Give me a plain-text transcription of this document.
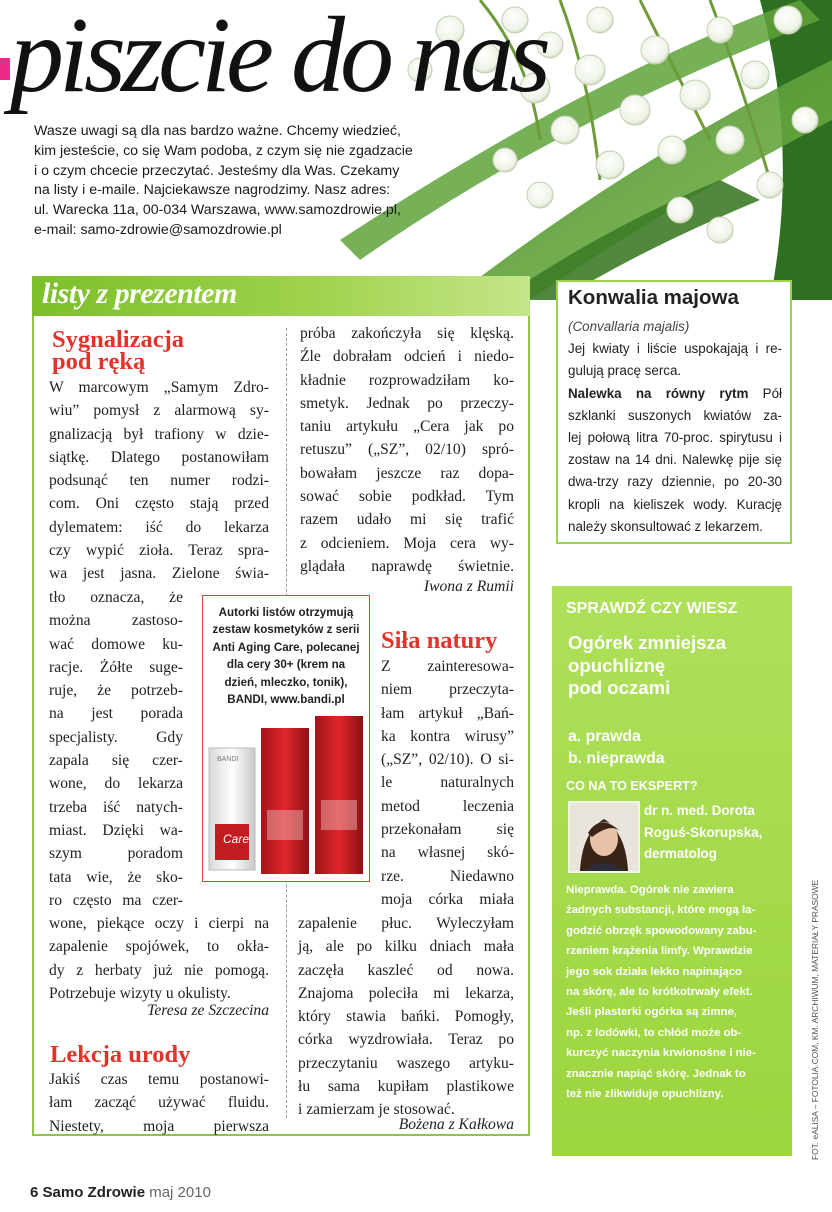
piszcie do nas

Wasze uwagi są dla nas bardzo ważne. Chcemy wiedzieć,

kim jesteście, co się Wam podoba, z czym się nie zgadzacie

i o czym chcecie przeczytać. Jesteśmy dla Was. Czekamy

na listy i e-maile. Najciekawsze nagrodzimy. Nasz adres:

ul. Warecka 11a, 00-034 Warszawa, www.samozdrowie.pl,

e-mail: samo-zdrowie@samozdrowie.pl

listy z prezentem

Sygnalizacja

pod ręką

W marcowym „Samym Zdro-

wiu” pomysł z alarmową sy-

gnalizacją był trafiony w dzie-

siątkę. Dlatego postanowiłam

podsunąć ten numer rodzi-

com. Oni często stają przed

dylematem: iść do lekarza

czy wypić zioła. Teraz spra-

wa jest jasna. Zielone świa-

tło oznacza, że

można zastoso-

wać domowe ku-

racje. Żółte suge-

ruje, że potrzeb-

na jest porada

specjalisty. Gdy

zapala się czer-

wone, do lekarza

trzeba iść natych-

miast. Dzięki wa-

szym poradom

tata wie, że sko-

ro często ma czer-

wone, piekące oczy i cierpi na

zapalenie spojówek, to okła-

dy z herbaty już nie pomogą.

Potrzebuje wizyty u okulisty.

Teresa ze Szczecina

Lekcja urody

Jakiś czas temu postanowi-

łam zacząć używać fluidu.

Niestety, moja pierwsza

próba zakończyła się klęską.

Źle dobrałam odcień i niedo-

kładnie rozprowadziłam ko-

smetyk. Jednak po przeczy-

taniu artykułu „Cera jak po

retuszu” („SZ”, 02/10) spró-

bowałam jeszcze raz dopa-

sować sobie podkład. Tym

razem udało mi się trafić

z odcieniem. Moja cera wy-

glądała naprawdę świetnie.

Iwona z Rumii

Autorki listów otrzymują
zestaw kosmetyków z serii
Anti Aging Care, polecanej
dla cery 30+ (krem na
dzień, mleczko, tonik),
BANDI, www.bandi.pl

BANDI
Care

Siła natury

Z zainteresowa-

niem przeczyta-

łam artykuł „Bań-

ka kontra wirusy”

(„SZ”, 02/10). O si-

le naturalnych

metod leczenia

przekonałam się

na własnej skó-

rze. Niedawno

moja córka miała

zapalenie płuc. Wyleczyłam

ją, ale po kilku dniach mała

zaczęła kaszleć od nowa.

Znajoma poleciła mi lekarza,

który stawia bańki. Pomogły,

córka wyzdrowiała. Teraz po

przeczytaniu waszego artyku-

łu sama kupiłam plastikowe

i zamierzam je stosować.

Bożena z Kałkowa

Konwalia majowa

(Convallaria majalis)

Jej kwiaty i liście uspokajają i re-

gulują pracę serca.

Nalewka na równy rytm Pół

szklanki suszonych kwiatów za-

lej połową litra 70-proc. spirytusu i

zostaw na 14 dni. Nalewkę pije się

dwa-trzy razy dziennie, po 20-30

kropli na kieliszek wody. Kurację

należy skonsultować z lekarzem.

SPRAWDŹ CZY WIESZ

Ogórek zmniejsza
opuchliznę
pod oczami

a. prawda

b. nieprawda

CO NA TO EKSPERT?

dr n. med. Dorota
Roguś-Skorupska,
dermatolog

Nieprawda. Ogórek nie zawiera

żadnych substancji, które mogą ła-

godzić obrzęk spowodowany zabu-

rzeniem krążenia limfy. Wprawdzie

jego sok działa lekko napinająco

na skórę, ale to krótkotrwały efekt.

Jeśli plasterki ogórka są zimne,

np. z lodówki, to chłód może ob-

kurczyć naczynia krwionośne i nie-

znacznie napiąć skórę. Jednak to

też nie zlikwiduje opuchlizny.	FOT. eALISA – FOTOLIA.COM, KM. ARCHIWUM, MATERIAŁY PRASOWE

6 Samo Zdrowie maj 2010
